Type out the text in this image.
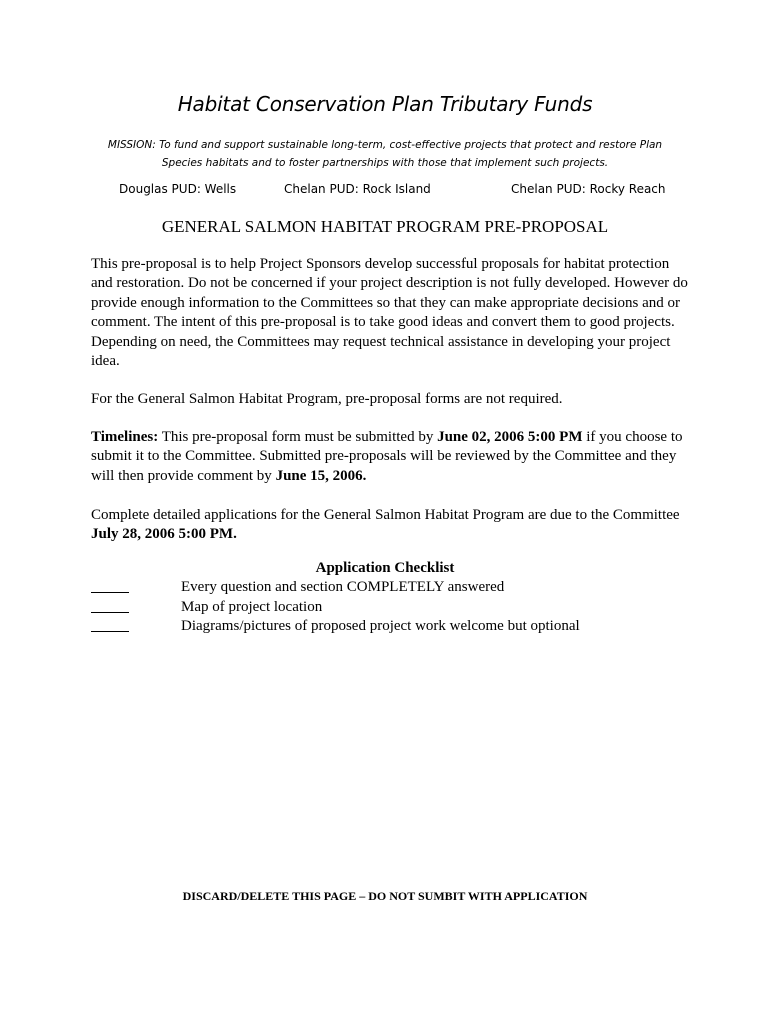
Habitat Conservation Plan Tributary Funds
MISSION: To fund and support sustainable long-term, cost-effective projects that protect and restore Plan
Species habitats and to foster partnerships with those that implement such projects.
Douglas PUD: Wells	Chelan PUD: Rock Island	Chelan PUD: Rocky Reach
GENERAL SALMON HABITAT PROGRAM PRE-PROPOSAL
This pre-proposal is to help Project Sponsors develop successful proposals for habitat protection and restoration. Do not be concerned if your project description is not fully developed. However do provide enough information to the Committees so that they can make appropriate decisions and or comment. The intent of this pre-proposal is to take good ideas and convert them to good projects. Depending on need, the Committees may request technical assistance in developing your project idea.
For the General Salmon Habitat Program, pre-proposal forms are not required.
Timelines: This pre-proposal form must be submitted by June 02, 2006 5:00 PM if you choose to submit it to the Committee. Submitted pre-proposals will be reviewed by the Committee and they will then provide comment by June 15, 2006.
Complete detailed applications for the General Salmon Habitat Program are due to the Committee July 28, 2006 5:00 PM.
Application Checklist
Every question and section COMPLETELY answered
Map of project location
Diagrams/pictures of proposed project work welcome but optional
DISCARD/DELETE THIS PAGE – DO NOT SUMBIT WITH APPLICATION
